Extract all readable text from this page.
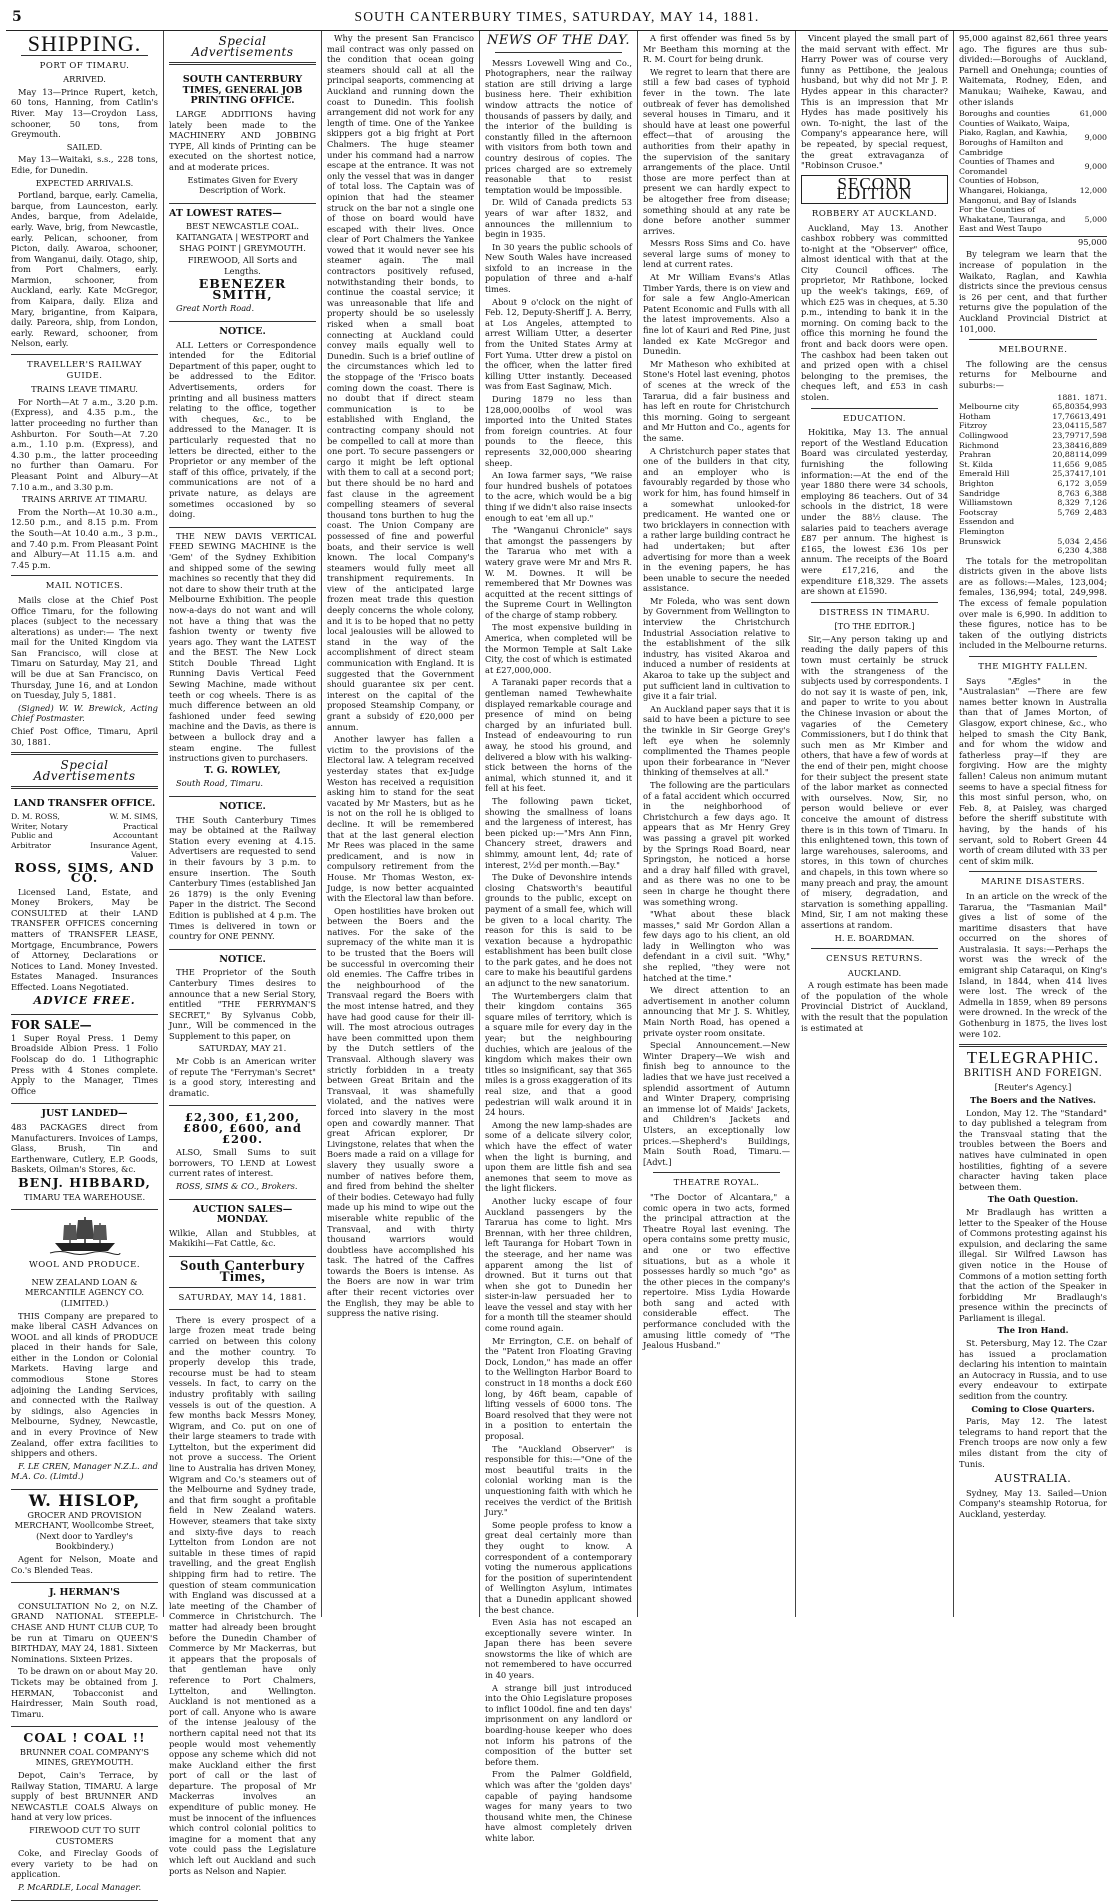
5	SOUTH CANTERBURY TIMES, SATURDAY, MAY 14, 1881.
SHIPPING.
PORT OF TIMARU.

ARRIVED.

May 13—Prince Rupert, ketch, 60 tons, Hanning, from Catlin's River. May 13—Croydon Lass, schooner, 50 tons, from Greymouth.

SAILED.

May 13—Waitaki, s.s., 228 tons, Edie, for Dunedin.

EXPECTED ARRIVALS.

Portland, barque, early. Camelia, barque, from Launceston, early. Andes, barque, from Adelaide, early. Wave, brig, from Newcastle, early. Pelican, schooner, from Picton, daily. Awaroa, schooner, from Wanganui, daily. Otago, ship, from Port Chalmers, early. Marmion, schooner, from Auckland, early. Kate McGregor, from Kaipara, daily. Eliza and Mary, brigantine, from Kaipara, daily. Pareora, ship, from London, early. Reward, schooner, from Nelson, early.

TRAVELLER'S RAILWAY GUIDE.

TRAINS LEAVE TIMARU.

For North—At 7 a.m., 3.20 p.m. (Express), and 4.35 p.m., the latter proceeding no further than Ashburton. For South—At 7.20 a.m., 1.10 p.m. (Express), and 4.30 p.m., the latter proceeding no further than Oamaru. For Pleasant Point and Albury—At 7.10 a.m., and 3.30 p.m.

TRAINS ARRIVE AT TIMARU.

From the North—At 10.30 a.m., 12.50 p.m., and 8.15 p.m. From the South—At 10.40 a.m., 3 p.m., and 7.40 p.m. From Pleasant Point and Albury—At 11.15 a.m. and 7.45 p.m.

MAIL NOTICES.

Mails close at the Chief Post Office Timaru, for the following places (subject to the necessary alterations) as under:— The next mail for the United Kingdom via San Francisco, will close at Timaru on Saturday, May 21, and will be due at San Francisco, on Thursday, June 16, and at London on Tuesday, July 5, 1881.

(Signed) W. W. Brewick, Acting Chief Postmaster.

Chief Post Office, Timaru, April 30, 1881.

Special Advertisements
LAND TRANSFER OFFICE.
D. M. ROSS, Writer, Notary Public and Arbitrator
W. M. SIMS, Practical Accountant Insurance Agent, Valuer.
ROSS, SIMS, AND CO.

Licensed Land, Estate, and Money Brokers, May be CONSULTED at their LAND TRANSFER OFFICES concerning matters of TRANSFER LEASE, Mortgage, Encumbrance, Powers of Attorney, Declarations or Notices to Land. Money Invested. Estates Managed. Insurances Effected. Loans Negotiated.

ADVICE FREE.
FOR SALE—

1 Super Royal Press. 1 Demy Broadside Albion Press. 1 Folio Foolscap do do. 1 Lithographic Press with 4 Stones complete. Apply to the Manager, Times Office

JUST LANDED—

483 PACKAGES direct from Manufacturers. Invoices of Lamps, Glass, Brush, Tin and Earthenware, Cutlery, E.P. Goods, Baskets, Oilman's Stores, &c.

BENJ. HIBBARD,

TIMARU TEA WAREHOUSE.

WOOL AND PRODUCE.

NEW ZEALAND LOAN & MERCANTILE AGENCY CO. (LIMITED.)

THIS Company are prepared to make liberal CASH Advances on WOOL and all kinds of PRODUCE placed in their hands for Sale, either in the London or Colonial Markets. Having large and commodious Stone Stores adjoining the Landing Services, and connected with the Railway by sidings, also Agencies in Melbourne, Sydney, Newcastle, and in every Province of New Zealand, offer extra facilities to shippers and others.

F. LE CREN, Manager N.Z.L. and M.A. Co. (Limtd.)

W. HISLOP,

GROCER AND PROVISION MERCHANT, Woollcombe Street, (Next door to Yardley's Bookbindery.)

Agent for Nelson, Moate and Co.'s Blended Teas.

J. HERMAN'S

CONSULTATION No 2, on N.Z. GRAND NATIONAL STEEPLE-CHASE AND HUNT CLUB CUP, To be run at Timaru on QUEEN'S BIRTHDAY, MAY 24, 1881. Sixteen Nominations. Sixteen Prizes.

To be drawn on or about May 20. Tickets may be obtained from J. HERMAN, Tobacconist and Hairdresser, Main South road, Timaru.

COAL ! COAL !!

BRUNNER COAL COMPANY'S MINES, GREYMOUTH.

Depot, Cain's Terrace, by Railway Station, TIMARU. A large supply of best BRUNNER AND NEWCASTLE COALS Always on hand at very low prices.

FIREWOOD CUT TO SUIT CUSTOMERS

Coke, and Fireclay Goods of every variety to be had on application.

P. McARDLE, Local Manager.

Special Advertisements
SOUTH CANTERBURY TIMES, GENERAL JOB PRINTING OFFICE.

LARGE ADDITIONS having lately been made to the MACHINERY AND JOBBING TYPE, All kinds of Printing can be executed on the shortest notice, and at moderate prices.

Estimates Given for Every Description of Work.

AT LOWEST RATES—

BEST NEWCASTLE COAL. KAITANGATA | WESTPORT and SHAG POINT | GREYMOUTH.

FIREWOOD, All Sorts and Lengths.

EBENEZER SMITH,

Great North Road.

NOTICE.

ALL Letters or Correspondence intended for the Editorial Department of this paper, ought to be addressed to the Editor. Advertisements, orders for printing and all business matters relating to the office, together with cheques, &c., to be addressed to the Manager. It is particularly requested that no letters be directed, either to the Proprietor or any member of the staff of this office, privately, if the communications are not of a private nature, as delays are sometimes occasioned by so doing.

THE NEW DAVIS VERTICAL FEED SEWING MACHINE is the 'Gem' of the Sydney Exhibition and shipped some of the sewing machines so recently that they did not dare to show their truth at the Melbourne Exhibition. The people now-a-days do not want and will not have a thing that was the fashion twenty or twenty five years ago. They want the LATEST and the BEST. The New Lock Stitch Double Thread Light Running Davis Vertical Feed Sewing Machine, made without teeth or cog wheels. There is as much difference between an old fashioned under feed sewing machine and the Davis, as there is between a bullock dray and a steam engine. The fullest instructions given to purchasers.

T. G. ROWLEY,

South Road, Timaru.

NOTICE.

THE South Canterbury Times may be obtained at the Railway Station every evening at 4.15. Advertisers are requested to send in their favours by 3 p.m. to ensure insertion. The South Canterbury Times (established Jan 26 1879) is the only Evening Paper in the district. The Second Edition is published at 4 p.m. The Times is delivered in town or country for ONE PENNY.

NOTICE.

THE Proprietor of the South Canterbury Times desires to announce that a new Serial Story, entitled "THE FERRYMAN'S SECRET," By Sylvanus Cobb, Junr., Will be commenced in the Supplement to this paper, on

SATURDAY, MAY 21.

Mr Cobb is an American writer of repute The "Ferryman's Secret" is a good story, interesting and dramatic.

£2,300, £1,200, £800, £600, and £200.

ALSO, Small Sums to suit borrowers, TO LEND at Lowest current rates of interest.

ROSS, SIMS & CO., Brokers.

AUCTION SALES—MONDAY.

Wilkie, Allan and Stubbles, at Makikihi—Fat Cattle, &c.

South Canterbury Times,
SATURDAY, MAY 14, 1881.

There is every prospect of a large frozen meat trade being carried on between this colony and the mother country. To properly develop this trade, recourse must be had to steam vessels. In fact, to carry on the industry profitably with sailing vessels is out of the question. A few months back Messrs Money, Wigram, and Co. put on one of their large steamers to trade with Lyttelton, but the experiment did not prove a success. The Orient line to Australia has driven Money, Wigram and Co.'s steamers out of the Melbourne and Sydney trade, and that firm sought a profitable field in New Zealand waters. However, steamers that take sixty and sixty-five days to reach Lyttelton from London are not suitable in these times of rapid travelling, and the great English shipping firm had to retire. The question of steam communication with England was discussed at a late meeting of the Chamber of Commerce in Christchurch. The matter had already been brought before the Dunedin Chamber of Commerce by Mr Mackerras, but it appears that the proposals of that gentleman have only reference to Port Chalmers, Lyttelton, and Wellington. Auckland is not mentioned as a port of call. Anyone who is aware of the intense jealousy of the northern capital need not that its people would most vehemently oppose any scheme which did not make Auckland either the first port of call or the last of departure. The proposal of Mr Mackerras involves an expenditure of public money. He must be innocent of the influences which control colonial politics to imagine for a moment that any vote could pass the Legislature which left out Auckland and such ports as Nelson and Napier.

Why the present San Francisco mail contract was only passed on the condition that ocean going steamers should call at all the principal seaports, commencing at Auckland and running down the coast to Dunedin. This foolish arrangement did not work for any length of time. One of the Yankee skippers got a big fright at Port Chalmers. The huge steamer under his command had a narrow escape at the entrance. It was not only the vessel that was in danger of total loss. The Captain was of opinion that had the steamer struck on the bar not a single one of those on board would have escaped with their lives. Once clear of Port Chalmers the Yankee vowed that it would never see his steamer again. The mail contractors positively refused, notwithstanding their bonds, to continue the coastal service; it was unreasonable that life and property should be so uselessly risked when a small boat connecting at Auckland could convey mails equally well to Dunedin. Such is a brief outline of the circumstances which led to the stoppage of the 'Frisco boats coming down the coast. There is no doubt that if direct steam communication is to be established with England, the contracting company should not be compelled to call at more than one port. To secure passengers or cargo it might be left optional with them to call at a second port; but there should be no hard and fast clause in the agreement compelling steamers of several thousand tons burthen to hug the coast. The Union Company are possessed of fine and powerful boats, and their service is well known. The local Company's steamers would fully meet all transhipment requirements. In view of the anticipated large frozen meat trade this question deeply concerns the whole colony, and it is to be hoped that no petty local jealousies will be allowed to stand in the way of the accomplishment of direct steam communication with England. It is suggested that the Government should guarantee six per cent. interest on the capital of the proposed Steamship Company, or grant a subsidy of £20,000 per annum.

Another lawyer has fallen a victim to the provisions of the Electoral law. A telegram received yesterday states that ex-Judge Weston has received a requisition asking him to stand for the seat vacated by Mr Masters, but as he is not on the roll he is obliged to decline. It will be remembered that at the last general election Mr Rees was placed in the same predicament, and is now in compulsory retirement from the House. Mr Thomas Weston, ex-Judge, is now better acquainted with the Electoral law than before.

Open hostilities have broken out between the Boers and the natives. For the sake of the supremacy of the white man it is to be trusted that the Boers will be successful in overcoming their old enemies. The Caffre tribes in the neighbourhood of the Transvaal regard the Boers with the most intense hatred, and they have had good cause for their ill-will. The most atrocious outrages have been committed upon them by the Dutch settlers of the Transvaal. Although slavery was strictly forbidden in a treaty between Great Britain and the Transvaal, it was shamefully violated, and the natives were forced into slavery in the most open and cowardly manner. That great African explorer, Dr Livingstone, relates that when the Boers made a raid on a village for slavery they usually swore a number of natives before them, and fired from behind the shelter of their bodies. Cetewayo had fully made up his mind to wipe out the miserable white republic of the Transvaal, and with thirty thousand warriors would doubtless have accomplished his task. The hatred of the Caffres towards the Boers is intense. As the Boers are now in war trim after their recent victories over the English, they may be able to suppress the native rising.

NEWS OF THE DAY.

Messrs Lovewell Wing and Co., Photographers, near the railway station are still driving a large business here. Their exhibition window attracts the notice of thousands of passers by daily, and the interior of the building is constantly filled in the afternoon with visitors from both town and country desirous of copies. The prices charged are so extremely reasonable that to resist temptation would be impossible.

Dr. Wild of Canada predicts 53 years of war after 1832, and announces the millennium to begin in 1935.

In 30 years the public schools of New South Wales have increased sixfold to an increase in the population of three and a-half times.

About 9 o'clock on the night of Feb. 12, Deputy-Sheriff J. A. Berry, at Los Angeles, attempted to arrest William Utter, a deserter from the United States Army at Fort Yuma. Utter drew a pistol on the officer, when the latter fired killing Utter instantly. Deceased was from East Saginaw, Mich.

During 1879 no less than 128,000,000lbs of wool was imported into the United States from foreign countries. At four pounds to the fleece, this represents 32,000,000 shearing sheep.

An Iowa farmer says, "We raise four hundred bushels of potatoes to the acre, which would be a big thing if we didn't also raise insects enough to eat 'em all up."

The "Wanganui Chronicle" says that amongst the passengers by the Tararua who met with a watery grave were Mr and Mrs R. W. M. Downes. It will be remembered that Mr Downes was acquitted at the recent sittings of the Supreme Court in Wellington of the charge of stamp robbery.

The most expensive building in America, when completed will be the Mormon Temple at Salt Lake City, the cost of which is estimated at £27,000,000.

A Taranaki paper records that a gentleman named Tewhewhaite displayed remarkable courage and presence of mind on being charged by an infuriated bull. Instead of endeavouring to run away, he stood his ground, and delivered a blow with his walking-stick between the horns of the animal, which stunned it, and it fell at his feet.

The following pawn ticket, showing the smallness of loans and the largeness of interest, has been picked up:—"Mrs Ann Finn, Chancery street, drawers and shimmy, amount lent, 4d; rate of interest, 2½d per month.—Bay."

The Duke of Devonshire intends closing Chatsworth's beautiful grounds to the public, except on payment of a small fee, which will be given to a local charity. The reason for this is said to be vexation because a hydropathic establishment has been built close to the park gates, and he does not care to make his beautiful gardens an adjunct to the new sanatorium.

The Wurtembergers claim that their kingdom contains 365 square miles of territory, which is a square mile for every day in the year; but the neighbouring duchies, which are jealous of the kingdom which makes their own titles so insignificant, say that 365 miles is a gross exaggeration of its real size, and that a good pedestrian will walk around it in 24 hours.

Among the new lamp-shades are some of a delicate silvery color, which have the effect of water when the light is burning, and upon them are little fish and sea anemones that seem to move as the light flickers.

Another lucky escape of four Auckland passengers by the Tararua has come to light. Mrs Brennan, with her three children, left Tauranga for Hobart Town in the steerage, and her name was apparent among the list of drowned. But it turns out that when she got to Dunedin her sister-in-law persuaded her to leave the vessel and stay with her for a month till the steamer should come round again.

Mr Errington, C.E. on behalf of the "Patent Iron Floating Graving Dock, London," has made an offer to the Wellington Harbor Board to construct in 18 months a dock £60 long, by 46ft beam, capable of lifting vessels of 6000 tons. The Board resolved that they were not in a position to entertain the proposal.

The "Auckland Observer" is responsible for this:—"One of the most beautiful traits in the colonial working man is the unquestioning faith with which he receives the verdict of the British Jury."

Some people profess to know a great deal certainly more than they ought to know. A correspondent of a contemporary voting the numerous applications for the position of superintendent of Wellington Asylum, intimates that a Dunedin applicant showed the best chance.

Even Asia has not escaped an exceptionally severe winter. In Japan there has been severe snowstorms the like of which are not remembered to have occurred in 40 years.

A strange bill just introduced into the Ohio Legislature proposes to inflict 100dol. fine and ten days' imprisonment on any landlord or boarding-house keeper who does not inform his patrons of the composition of the butter set before them.

From the Palmer Goldfield, which was after the 'golden days' capable of paying handsome wages for many years to two thousand white men, the Chinese have almost completely driven white labor.

A first offender was fined 5s by Mr Beetham this morning at the R. M. Court for being drunk.

We regret to learn that there are still a few bad cases of typhoid fever in the town. The late outbreak of fever has demolished several houses in Timaru, and it should have at least one powerful effect—that of arousing the authorities from their apathy in the supervision of the sanitary arrangements of the place. Until those are more perfect than at present we can hardly expect to be altogether free from disease; something should at any rate be done before another summer arrives.

Messrs Ross Sims and Co. have several large sums of money to lend at current rates.

At Mr William Evans's Atlas Timber Yards, there is on view and for sale a few Anglo-American Patent Economic and Fulls with all the latest improvements. Also a fine lot of Kauri and Red Pine, just landed ex Kate McGregor and Dunedin.

Mr Matheson who exhibited at Stone's Hotel last evening, photos of scenes at the wreck of the Tararua, did a fair business and has left en route for Christchurch this morning. Going to sergeant and Mr Hutton and Co., agents for the same.

A Christchurch paper states that one of the builders in that city, and an employer who is favourably regarded by those who work for him, has found himself in a somewhat unlooked-for predicament. He wanted one or two bricklayers in connection with a rather large building contract he had undertaken; but after advertising for more than a week in the evening papers, he has been unable to secure the needed assistance.

Mr Foleda, who was sent down by Government from Wellington to interview the Christchurch Industrial Association relative to the establishment of the silk industry, has visited Akaroa and induced a number of residents at Akaroa to take up the subject and put sufficient land in cultivation to give it a fair trial.

An Auckland paper says that it is said to have been a picture to see the twinkle in Sir George Grey's left eye when he solemnly complimented the Thames people upon their forbearance in "Never thinking of themselves at all."

The following are the particulars of a fatal accident which occurred in the neighborhood of Christchurch a few days ago. It appears that as Mr Henry Grey was passing a gravel pit worked by the Springs Road Board, near Springston, he noticed a horse and a dray half filled with gravel, and as there was no one to be seen in charge he thought there was something wrong.

"What about these black masses," said Mr Gordon Allan a few days ago to his client, an old lady in Wellington who was defendant in a civil suit. "Why," she replied, "they were not hatched at the time."

We direct attention to an advertisement in another column announcing that Mr J. S. Whitley, Main North Road, has opened a private oyster room onsitate.

Special Announcement.—New Winter Drapery—We wish and finish beg to announce to the ladies that we have just received a splendid assortment of Autumn and Winter Drapery, comprising an immense lot of Maids' Jackets, and Children's Jackets and Ulsters, an exceptionally low prices.—Shepherd's Buildings, Main South Road, Timaru.—[Advt.]

THEATRE ROYAL.

"The Doctor of Alcantara," a comic opera in two acts, formed the principal attraction at the Theatre Royal last evening. The opera contains some pretty music, and one or two effective situations, but as a whole it possesses hardly so much "go" as the other pieces in the company's repertoire. Miss Lydia Howarde both sang and acted with considerable effect. The performance concluded with the amusing little comedy of "The Jealous Husband."

Vincent played the small part of the maid servant with effect. Mr Harry Power was of course very funny as Pettibone, the jealous husband, but why did not Mr J. P. Hydes appear in this character? This is an impression that Mr Hydes has made positively his own. To-night, the last of the Company's appearance here, will be repeated, by special request, the great extravaganza of "Robinson Crusoe."

SECOND EDITION
ROBBERY AT AUCKLAND.

Auckland, May 13. Another cashbox robbery was committed to-night at the "Observer" office, almost identical with that at the City Council offices. The proprietor, Mr Rathbone, locked up the week's takings, £69, of which £25 was in cheques, at 5.30 p.m., intending to bank it in the morning. On coming back to the office this morning he found the front and back doors were open. The cashbox had been taken out and prized open with a chisel belonging to the premises, the cheques left, and £53 in cash stolen.

EDUCATION.

Hokitika, May 13. The annual report of the Westland Education Board was circulated yesterday, furnishing the following information:—At the end of the year 1880 there were 34 schools, employing 86 teachers. Out of 34 schools in the district, 18 were under the 88½ clause. The salaries paid to teachers average £87 per annum. The highest is £165, the lowest £36 10s per annum. The receipts of the Board were £17,216, and the expenditure £18,329. The assets are shown at £1590.

DISTRESS IN TIMARU.

[TO THE EDITOR.]

Sir,—Any person taking up and reading the daily papers of this town must certainly be struck with the strangeness of the subjects used by correspondents. I do not say it is waste of pen, ink, and paper to write to you about the Chinese invasion or about the vagaries of the Cemetery Commissioners, but I do think that such men as Mr Kimber and others, that have a few of words at the end of their pen, might choose for their subject the present state of the labor market as connected with ourselves. Now, Sir, no person would believe or ever conceive the amount of distress there is in this town of Timaru. In this enlightened town, this town of large warehouses, salerooms, and stores, in this town of churches and chapels, in this town where so many preach and pray, the amount of misery, degradation, and starvation is something appalling. Mind, Sir, I am not making these assertions at random.

H. E. BOARDMAN.

CENSUS RETURNS.

AUCKLAND.

A rough estimate has been made of the population of the whole Provincial District of Auckland, with the result that the population is estimated at

95,000 against 82,661 three years ago. The figures are thus sub-divided:—Boroughs of Auckland, Parnell and Onehunga; counties of Waitemata, Rodney, Eden, and Manukau; Waiheke, Kawau, and other islands

Boroughs and counties	61,000
Counties of Waikato, Waipa, Piako, Raglan, and Kawhia, Boroughs of Hamilton and Cambridge	9,000
Counties of Thames and Coromandel	9,000
Counties of Hobson, Whangarei, Hokianga, Mangonui, and Bay of Islands	12,000
For the Counties of Whakatane, Tauranga, and East and West Taupo	5,000

95,000

By telegram we learn that the increase of population in the Waikato, Raglan, and Kawhia districts since the previous census is 26 per cent, and that further returns give the population of the Auckland Provincial District at 101,000.

MELBOURNE.

The following are the census returns for Melbourne and suburbs:—

	1881.	1871.
Melbourne city	65,803	54,993
Hotham	17,766	13,491
Fitzroy	23,041	15,587
Collingwood	23,797	17,598
Richmond	23,384	16,889
Prahran	20,881	14,099
St. Kilda	11,656	9,085
Emerald Hill	25,374	17,101
Brighton	6,172	3,059
Sandridge	8,763	6,388
Williamstown	8,329	7,126
Footscray	5,769	2,483
Essendon and Flemington		
Brunswick	5,034	2,456
	6,230	4,388

The totals for the metropolitan districts given in the above lists are as follows:—Males, 123,004; females, 136,994; total, 249,998. The excess of female population over male is 6,990. In addition to these figures, notice has to be taken of the outlying districts included in the Melbourne returns.

THE MIGHTY FALLEN.

Says "Ægles" in the "Australasian" —There are few names better known in Australia than that of James Morton, of Glasgow, export chinese, &c., who helped to smash the City Bank, and for whom the widow and fatherless pray—if they are forgiving. How are the mighty fallen! Caleus non animum mutant seems to have a special fitness for this most sinful person, who, on Feb. 8, at Paisley, was charged before the sheriff substitute with having, by the hands of his servant, sold to Robert Green 44 worth of cream diluted with 33 per cent of skim milk.

MARINE DISASTERS.

In an article on the wreck of the Tararua, the "Tasmanian Mail" gives a list of some of the maritime disasters that have occurred on the shores of Australasia. It says:—Perhaps the worst was the wreck of the emigrant ship Cataraqui, on King's Island, in 1844, when 414 lives were lost. The wreck of the Admella in 1859, when 89 persons were drowned. In the wreck of the Gothenburg in 1875, the lives lost were 102.

TELEGRAPHIC.
BRITISH AND FOREIGN.

[Reuter's Agency.]

The Boers and the Natives.

London, May 12. The "Standard" to day published a telegram from the Transvaal stating that the troubles between the Boers and natives have culminated in open hostilities, fighting of a severe character having taken place between them.

The Oath Question.

Mr Bradlaugh has written a letter to the Speaker of the House of Commons protesting against his expulsion, and declaring the same illegal. Sir Wilfred Lawson has given notice in the House of Commons of a motion setting forth that the action of the Speaker in forbidding Mr Bradlaugh's presence within the precincts of Parliament is illegal.

The Iron Hand.

St. Petersburg, May 12. The Czar has issued a proclamation declaring his intention to maintain an Autocracy in Russia, and to use every endeavour to extirpate sedition from the country.

Coming to Close Quarters.

Paris, May 12. The latest telegrams to hand report that the French troops are now only a few miles distant from the city of Tunis.

AUSTRALIA.

Sydney, May 13. Sailed—Union Company's steamship Rotorua, for Auckland, yesterday.
